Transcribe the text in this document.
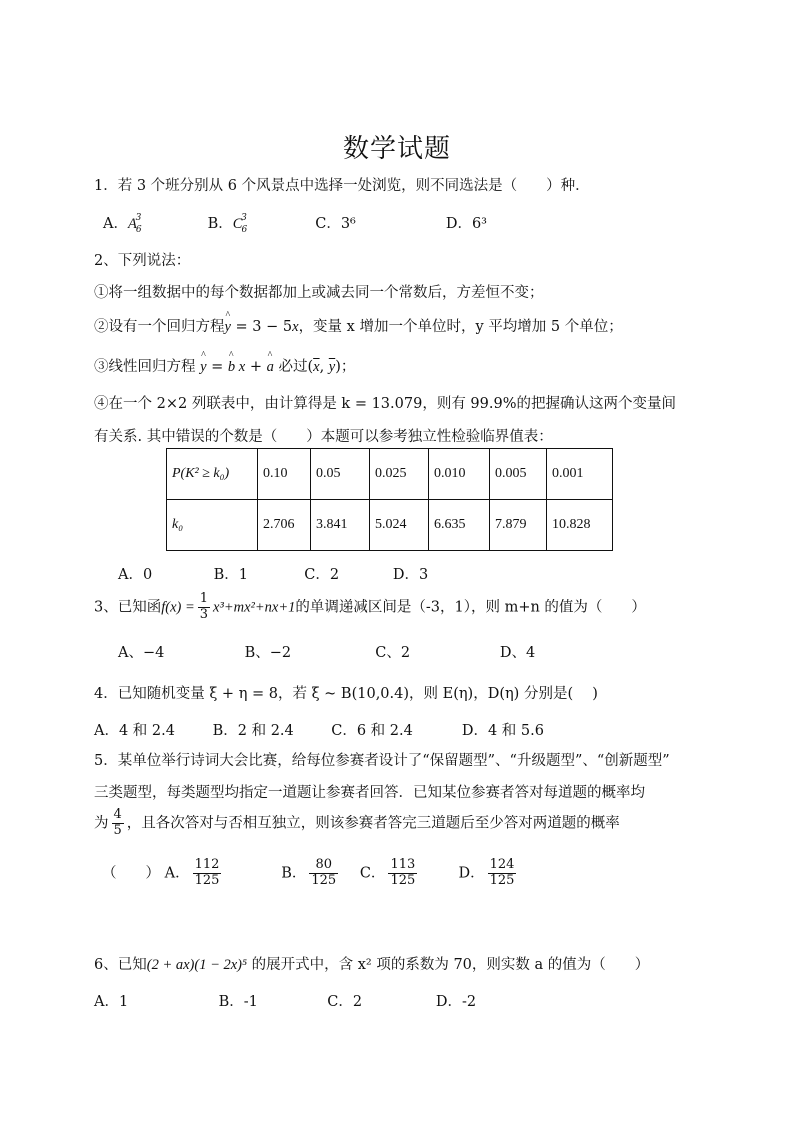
数学试题
1．若 3 个班分别从 6 个风景点中选择一处浏览，则不同选法是（　　）种．
A．$A_6^3$	B．$C_6^3$	C．3⁶	D．6³
2、下列说法：
①将一组数据中的每个数据都加上或减去同一个常数后，方差恒不变；
②设有一个回归方程^ y = 3 − 5x，变量 x 增加一个单位时，y 平均增加 5 个单位；
③线性回归方程 ^ y = ^ b x + ^ a 必过($\overline{x}$, $\overline{y}$)；
④在一个 2×2 列联表中，由计算得是 k = 13.079，则有 99.9%的把握确认这两个变量间
有关系. 其中错误的个数是（　　）本题可以参考独立性检验临界值表：
P(K² ≥ k₀)	0.10	0.05	0.025	0.010	0.005	0.001
k₀	2.706	3.841	5.024	6.635	7.879	10.828
A．0	B．1	C．2	D．3
3、已知函$f(x) = \frac{1}{3} x^3+mx^2+nx+1$的单调递减区间是（-3，1），则 m+n 的值为（　　）
A、−4	B、−2	C、2	D、4
4．已知随机变量 ξ + η = 8，若 ξ ~ B(10,0.4)，则 E(η)，D(η) 分别是(　 )
A．4 和 2.4	B．2 和 2.4	C．6 和 2.4	D．4 和 5.6
5．某单位举行诗词大会比赛，给每位参赛者设计了“保留题型”、“升级题型”、“创新题型”
三类题型，每类题型均指定一道题让参赛者回答．已知某位参赛者答对每道题的概率均
为 $\frac{4}{5}$ ，且各次答对与否相互独立，则该参赛者答完三道题后至少答对两道题的概率
（　　） A． $\frac{112}{125}$	B． $\frac{80}{125}$ C． $\frac{113}{125}$	D． $\frac{124}{125}$
6、已知(2 + ax)(1 − 2x)⁵ 的展开式中，含 x² 项的系数为 70，则实数 a 的值为（　　）
A．1	B．-1	C．2	D．-2
